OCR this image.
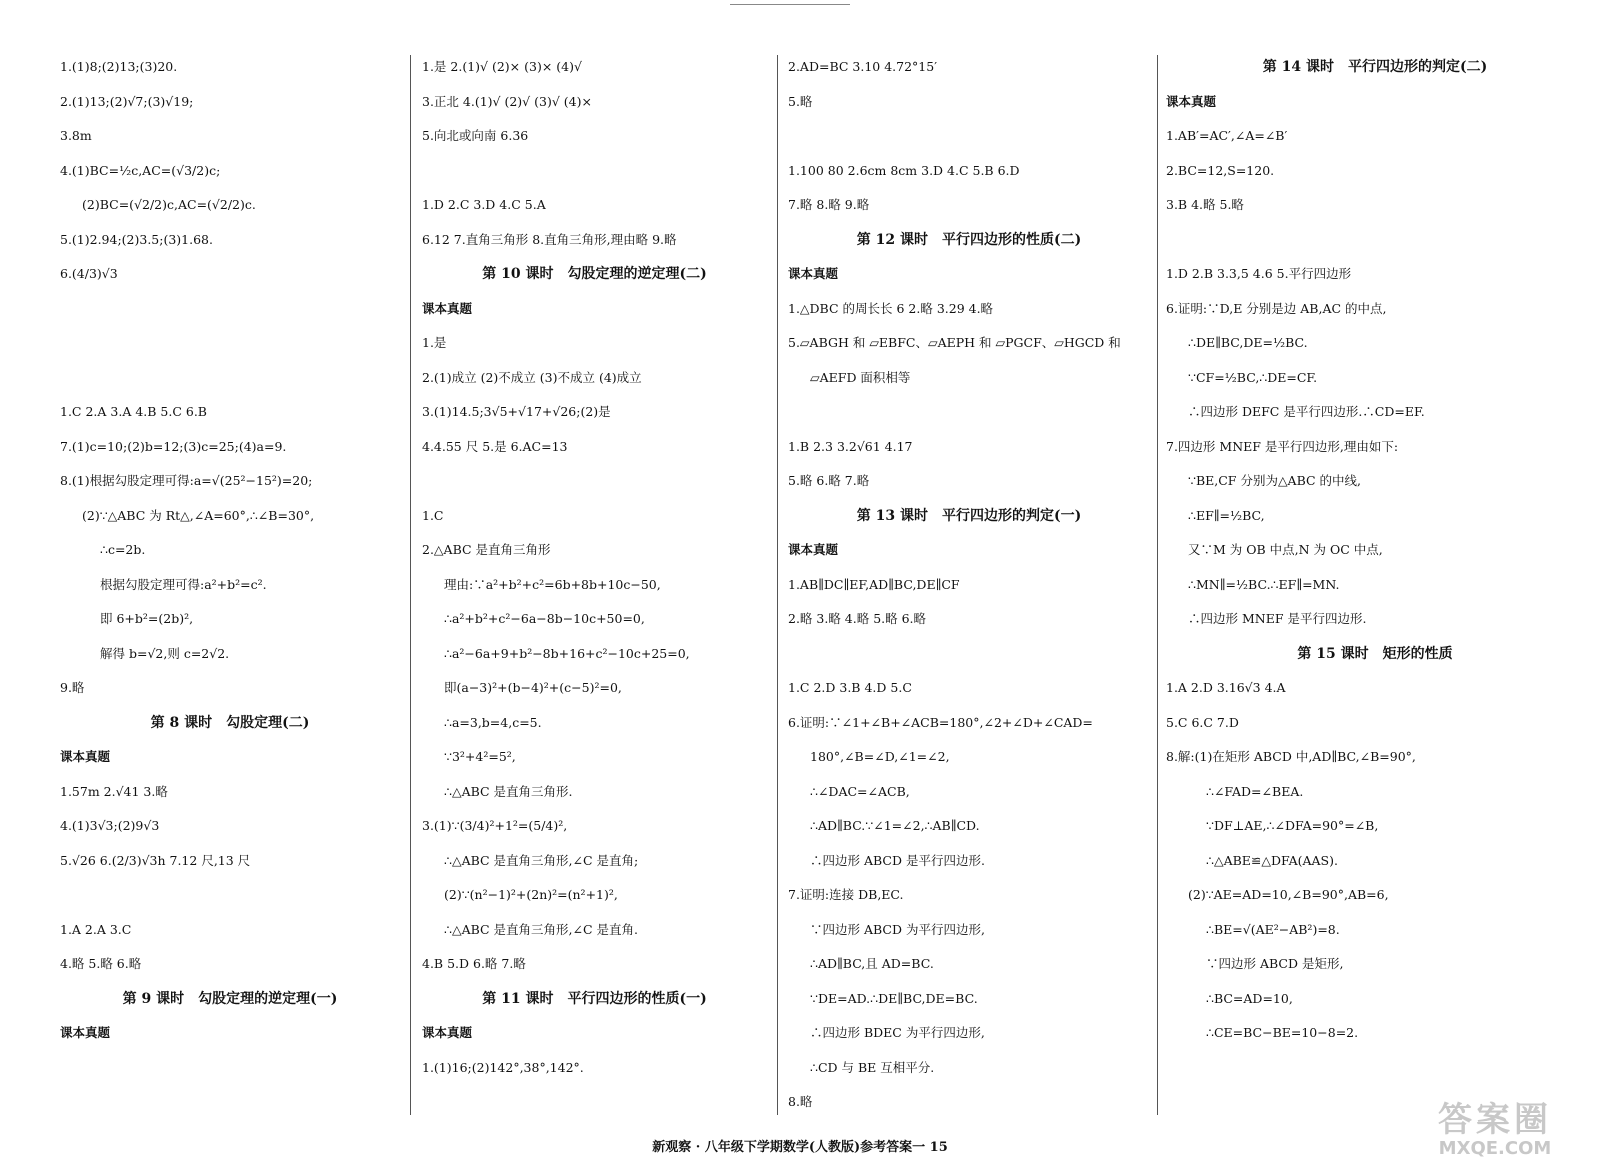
1.(1)8;(2)13;(3)20.
2.(1)13;(2)√7;(3)√19;
3.8m
4.(1)BC=½c,AC=(√3/2)c;
(2)BC=(√2/2)c,AC=(√2/2)c.
5.(1)2.94;(2)3.5;(3)1.68.
6.(4/3)√3
1.C 2.A 3.A 4.B 5.C 6.B
7.(1)c=10;(2)b=12;(3)c=25;(4)a=9.
8.(1)根据勾股定理可得:a=√(25²−15²)=20;
(2)∵△ABC 为 Rt△,∠A=60°,∴∠B=30°,
∴c=2b.
根据勾股定理可得:a²+b²=c².
即 6+b²=(2b)²,
解得 b=√2,则 c=2√2.
9.略
第 8 课时　勾股定理(二)
课本真题
1.57m 2.√41 3.略
4.(1)3√3;(2)9√3
5.√26 6.(2/3)√3h 7.12 尺,13 尺
1.A 2.A 3.C
4.略 5.略 6.略
第 9 课时　勾股定理的逆定理(一)
课本真题
1.是 2.(1)√ (2)× (3)× (4)√
3.正北 4.(1)√ (2)√ (3)√ (4)×
5.向北或向南 6.36
1.D 2.C 3.D 4.C 5.A
6.12 7.直角三角形 8.直角三角形,理由略 9.略
第 10 课时　勾股定理的逆定理(二)
课本真题
1.是
2.(1)成立 (2)不成立 (3)不成立 (4)成立
3.(1)14.5;3√5+√17+√26;(2)是
4.4.55 尺 5.是 6.AC=13
1.C
2.△ABC 是直角三角形
理由:∵a²+b²+c²=6b+8b+10c−50,
∴a²+b²+c²−6a−8b−10c+50=0,
∴a²−6a+9+b²−8b+16+c²−10c+25=0,
即(a−3)²+(b−4)²+(c−5)²=0,
∴a=3,b=4,c=5.
∵3²+4²=5²,
∴△ABC 是直角三角形.
3.(1)∵(3/4)²+1²=(5/4)²,
∴△ABC 是直角三角形,∠C 是直角;
(2)∵(n²−1)²+(2n)²=(n²+1)²,
∴△ABC 是直角三角形,∠C 是直角.
4.B 5.D 6.略 7.略
第 11 课时　平行四边形的性质(一)
课本真题
1.(1)16;(2)142°,38°,142°.
2.AD=BC 3.10 4.72°15′
5.略
1.100 80 2.6cm 8cm 3.D 4.C 5.B 6.D
7.略 8.略 9.略
第 12 课时　平行四边形的性质(二)
课本真题
1.△DBC 的周长长 6 2.略 3.29 4.略
5.▱ABGH 和 ▱EBFC、▱AEPH 和 ▱PGCF、▱HGCD 和
▱AEFD 面积相等
1.B 2.3 3.2√61 4.17
5.略 6.略 7.略
第 13 课时　平行四边形的判定(一)
课本真题
1.AB∥DC∥EF,AD∥BC,DE∥CF
2.略 3.略 4.略 5.略 6.略
1.C 2.D 3.B 4.D 5.C
6.证明:∵∠1+∠B+∠ACB=180°,∠2+∠D+∠CAD=
180°,∠B=∠D,∠1=∠2,
∴∠DAC=∠ACB,
∴AD∥BC.∵∠1=∠2,∴AB∥CD.
∴四边形 ABCD 是平行四边形.
7.证明:连接 DB,EC.
∵四边形 ABCD 为平行四边形,
∴AD∥BC,且 AD=BC.
∵DE=AD.∴DE∥BC,DE=BC.
∴四边形 BDEC 为平行四边形,
∴CD 与 BE 互相平分.
8.略
第 14 课时　平行四边形的判定(二)
课本真题
1.AB′=AC′,∠A=∠B′
2.BC=12,S=120.
3.B 4.略 5.略
1.D 2.B 3.3,5 4.6 5.平行四边形
6.证明:∵D,E 分别是边 AB,AC 的中点,
∴DE∥BC,DE=½BC.
∵CF=½BC,∴DE=CF.
∴四边形 DEFC 是平行四边形.∴CD=EF.
7.四边形 MNEF 是平行四边形,理由如下:
∵BE,CF 分别为△ABC 的中线,
∴EF∥=½BC,
又∵M 为 OB 中点,N 为 OC 中点,
∴MN∥=½BC.∴EF∥=MN.
∴四边形 MNEF 是平行四边形.
第 15 课时　矩形的性质
1.A 2.D 3.16√3 4.A
5.C 6.C 7.D
8.解:(1)在矩形 ABCD 中,AD∥BC,∠B=90°,
∴∠FAD=∠BEA.
∵DF⊥AE,∴∠DFA=90°=∠B,
∴△ABE≌△DFA(AAS).
(2)∵AE=AD=10,∠B=90°,AB=6,
∴BE=√(AE²−AB²)=8.
∵四边形 ABCD 是矩形,
∴BC=AD=10,
∴CE=BC−BE=10−8=2.
新观察 · 八年级下学期数学(人教版)参考答案一 15
答案圈
MXQE.COM
